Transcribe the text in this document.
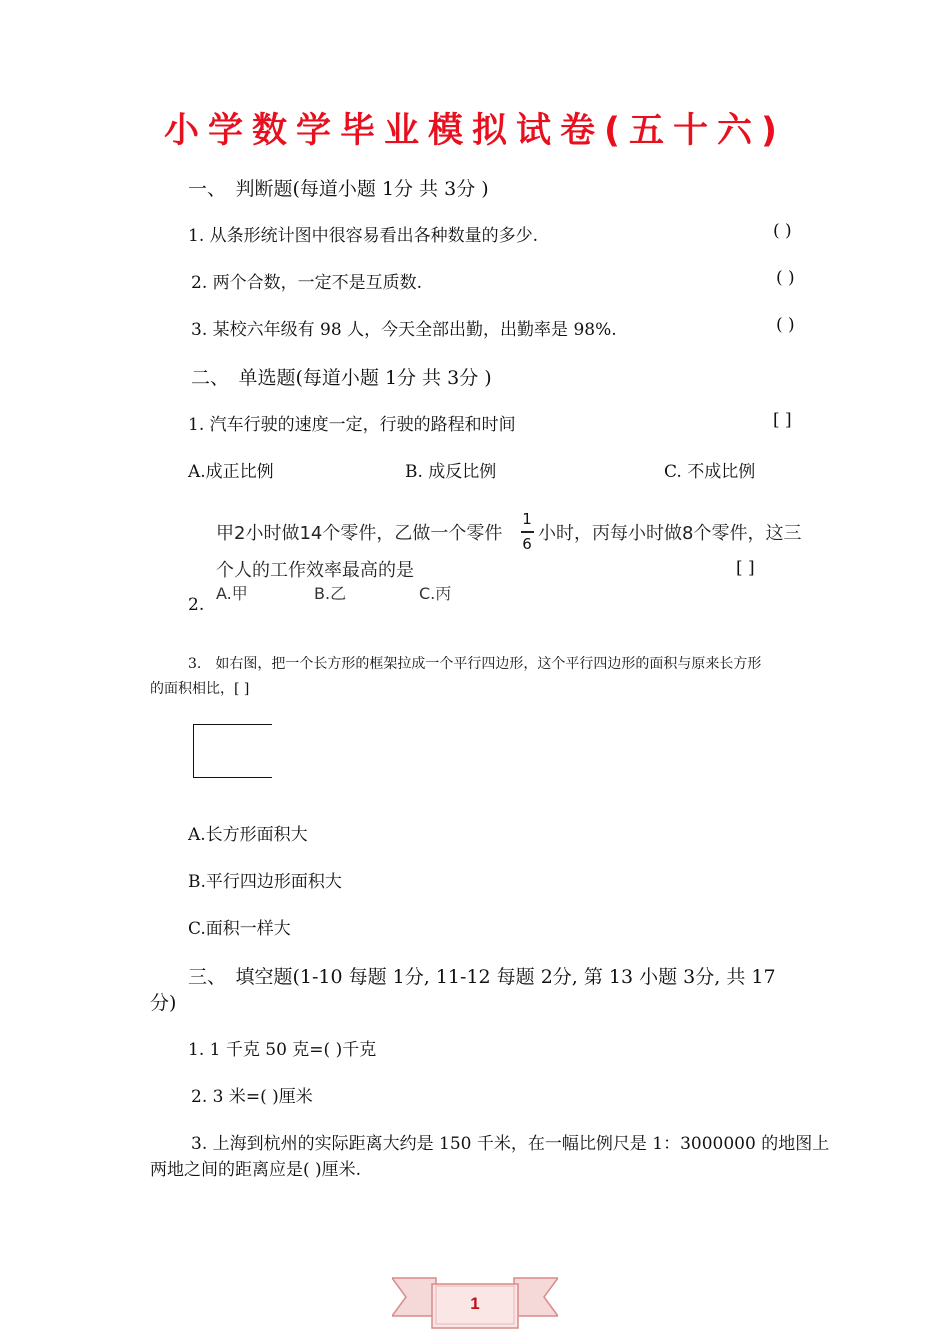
小学数学毕业模拟试卷(五十六)
一、　判断题(每道小题 1分 共 3分 )
1. 从条形统计图中很容易看出各种数量的多少.	( )
2. 两个合数，一定不是互质数.	( )
3. 某校六年级有 98 人，今天全部出勤，出勤率是 98%.	( )
二、　单选题(每道小题 1分 共 3分 )
1. 汽车行驶的速度一定，行驶的路程和时间	[ ]
A.成正比例	B. 成反比例	C. 不成比例
甲2小时做14个零件，乙做一个零件
1
6 小时，丙每小时做8个零件，这三
个人的工作效率最高的是	[ ]
A.甲	B.乙	C.丙
2.
3.　如右图，把一个长方形的框架拉成一个平行四边形，这个平行四边形的面积与原来长方形
的面积相比，[ ]
A.长方形面积大
B.平行四边形面积大
C.面积一样大
三、　填空题(1-10 每题 1分, 11-12 每题 2分, 第 13 小题 3分, 共 17
分)
1. 1 千克 50 克=( )千克
2. 3 米=( )厘米
3. 上海到杭州的实际距离大约是 150 千米，在一幅比例尺是 1：3000000 的地图上
两地之间的距离应是( )厘米.
1
